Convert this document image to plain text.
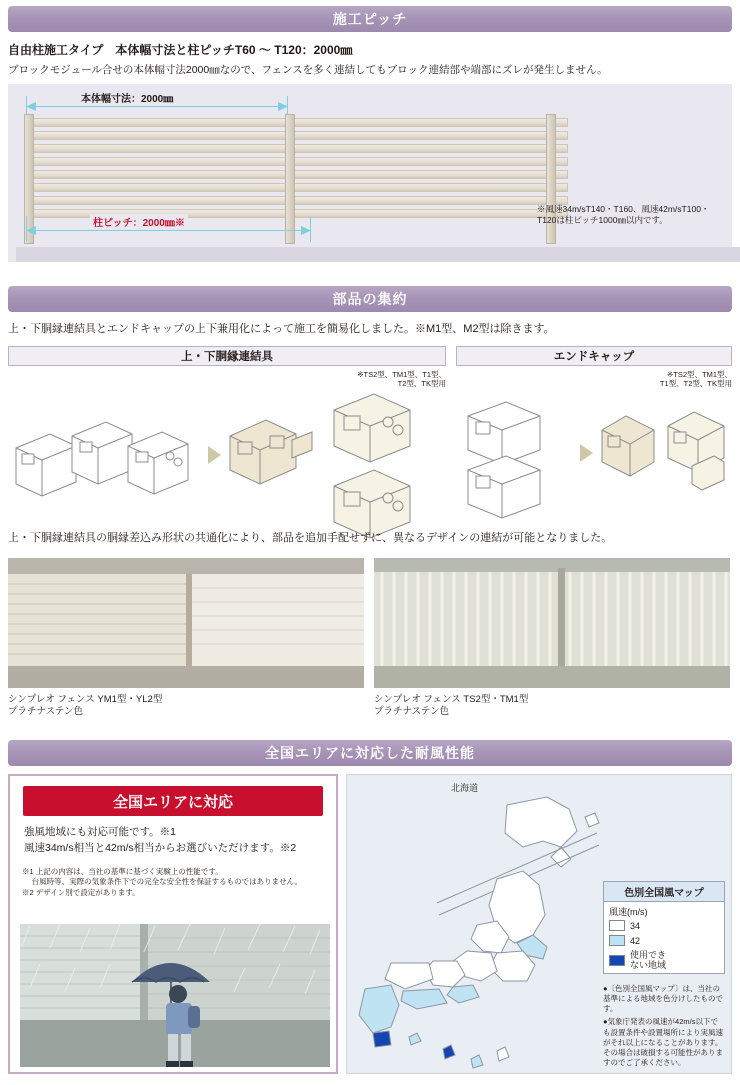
施工ピッチ
自由柱施工タイプ　本体幅寸法と柱ピッチT60 ～ T120：2000㎜
ブロックモジュール合せの本体幅寸法2000㎜なので、フェンスを多く連結してもブロック連結部や端部にズレが発生しません。
本体幅寸法：2000㎜
柱ピッチ：2000㎜※
※風速34m/sT140・T160、風速42m/sT100・T120は柱ピッチ1000㎜以内です。
部品の集約
上・下胴縁連結具とエンドキャップの上下兼用化によって施工を簡易化しました。※M1型、M2型は除きます。
上・下胴縁連結具
※TS2型、TM1型、T1型、
T2型、TK型用
エンドキャップ
※TS2型、TM1型、
T1型、T2型、TK型用
上・下胴縁連結具の胴縁差込み形状の共通化により、部品を追加手配せずに、異なるデザインの連結が可能となりました。
シンプレオ フェンス YM1型・YL2型
プラチナステン色
シンプレオ フェンス TS2型・TM1型
プラチナステン色
全国エリアに対応した耐風性能
全国エリアに対応
強風地域にも対応可能です。※1
風速34m/s相当と42m/s相当からお選びいただけます。※2
※1 上記の内容は、当社の基準に基づく実験上の性能です。
　 台風時等、実際の気象条件下での完全な安全性を保証するものではありません。
※2 デザイン別で設定があります。
北海道
色別全国風マップ
風速(m/s)
34
42
使用でき
ない地域
●〔色別全国風マップ〕は、当社の基準による地域を色分けしたものです。
●気象庁発表の風速が42m/s以下でも設置条件や設置場所により実風速がそれ以上になることがあります。その場合は破損する可能性がありますのでご了承ください。
